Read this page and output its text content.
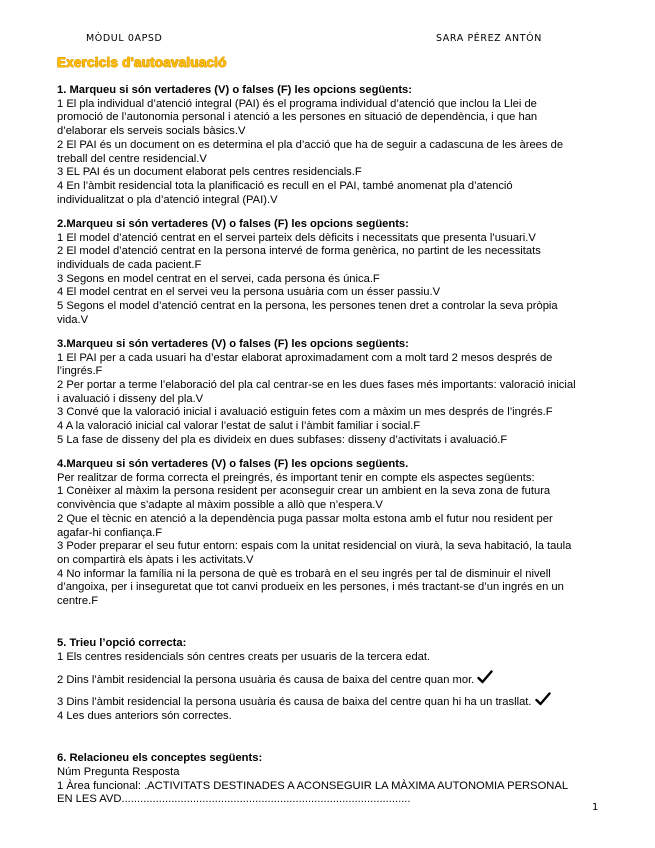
MÒDUL 0APSD	SARA PÉREZ ANTÓN
Exercicis d'autoavaluació

1. Marqueu si són vertaderes (V) o falses (F) les opcions següents:

1 El pla individual d’atenció integral (PAI) és el programa individual d’atenció que inclou la Llei de promoció de l’autonomia personal i atenció a les persones en situació de dependència, i que han d’elaborar els serveis socials bàsics.V

2 El PAI és un document on es determina el pla d’acció que ha de seguir a cadascuna de les àrees de treball del centre residencial.V

3 EL PAI és un document elaborat pels centres residencials.F

4 En l’àmbit residencial tota la planificació es recull en el PAI, també anomenat pla d’atenció individualitzat o pla d’atenció integral (PAI).V

2.Marqueu si són vertaderes (V) o falses (F) les opcions següents:

1 El model d’atenció centrat en el servei parteix dels dèficits i necessitats que presenta l’usuari.V

2 El model d’atenció centrat en la persona intervé de forma genèrica, no partint de les necessitats individuals de cada pacient.F

3 Segons en model centrat en el servei, cada persona és única.F

4 El model centrat en el servei veu la persona usuària com un ésser passiu.V

5 Segons el model d’atenció centrat en la persona, les persones tenen dret a controlar la seva pròpia vida.V

3.Marqueu si són vertaderes (V) o falses (F) les opcions següents:

1 El PAI per a cada usuari ha d’estar elaborat aproximadament com a molt tard 2 mesos després de l’ingrés.F

2 Per portar a terme l’elaboració del pla cal centrar-se en les dues fases més importants: valoració inicial i avaluació i disseny del pla.V

3 Convé que la valoració inicial i avaluació estiguin fetes com a màxim un mes després de l’ingrés.F

4 A la valoració inicial cal valorar l’estat de salut i l’àmbit familiar i social.F

5 La fase de disseny del pla es divideix en dues subfases: disseny d’activitats i avaluació.F

4.Marqueu si són vertaderes (V) o falses (F) les opcions següents.

Per realitzar de forma correcta el preingrés, és important tenir en compte els aspectes següents:

1 Conèixer al màxim la persona resident per aconseguir crear un ambient en la seva zona de futura convivència que s’adapte al màxim possible a allò que n’espera.V

2 Que el tècnic en atenció a la dependència puga passar molta estona amb el futur nou resident per agafar-hi confiança.F

3 Poder preparar el seu futur entorn: espais com la unitat residencial on viurà, la seva habitació, la taula on compartirà els àpats i les activitats.V

4 No informar la família ni la persona de què es trobarà en el seu ingrés per tal de disminuir el nivell d’angoixa, per i inseguretat que tot canvi produeix en les persones, i més tractant-se d’un ingrés en un centre.F

5. Trieu l’opció correcta:

1 Els centres residencials són centres creats per usuaris de la tercera edat.

2 Dins l’àmbit residencial la persona usuària és causa de baixa del centre quan mor.

3 Dins l’àmbit residencial la persona usuària és causa de baixa del centre quan hi ha un trasllat.

4 Les dues anteriors són correctes.

6. Relacioneu els conceptes següents:

Núm Pregunta Resposta

1 Àrea funcional: .ACTIVITATS DESTINADES A ACONSEGUIR LA MÀXIMA AUTONOMIA PERSONAL EN LES AVD.............................................................................................

1
